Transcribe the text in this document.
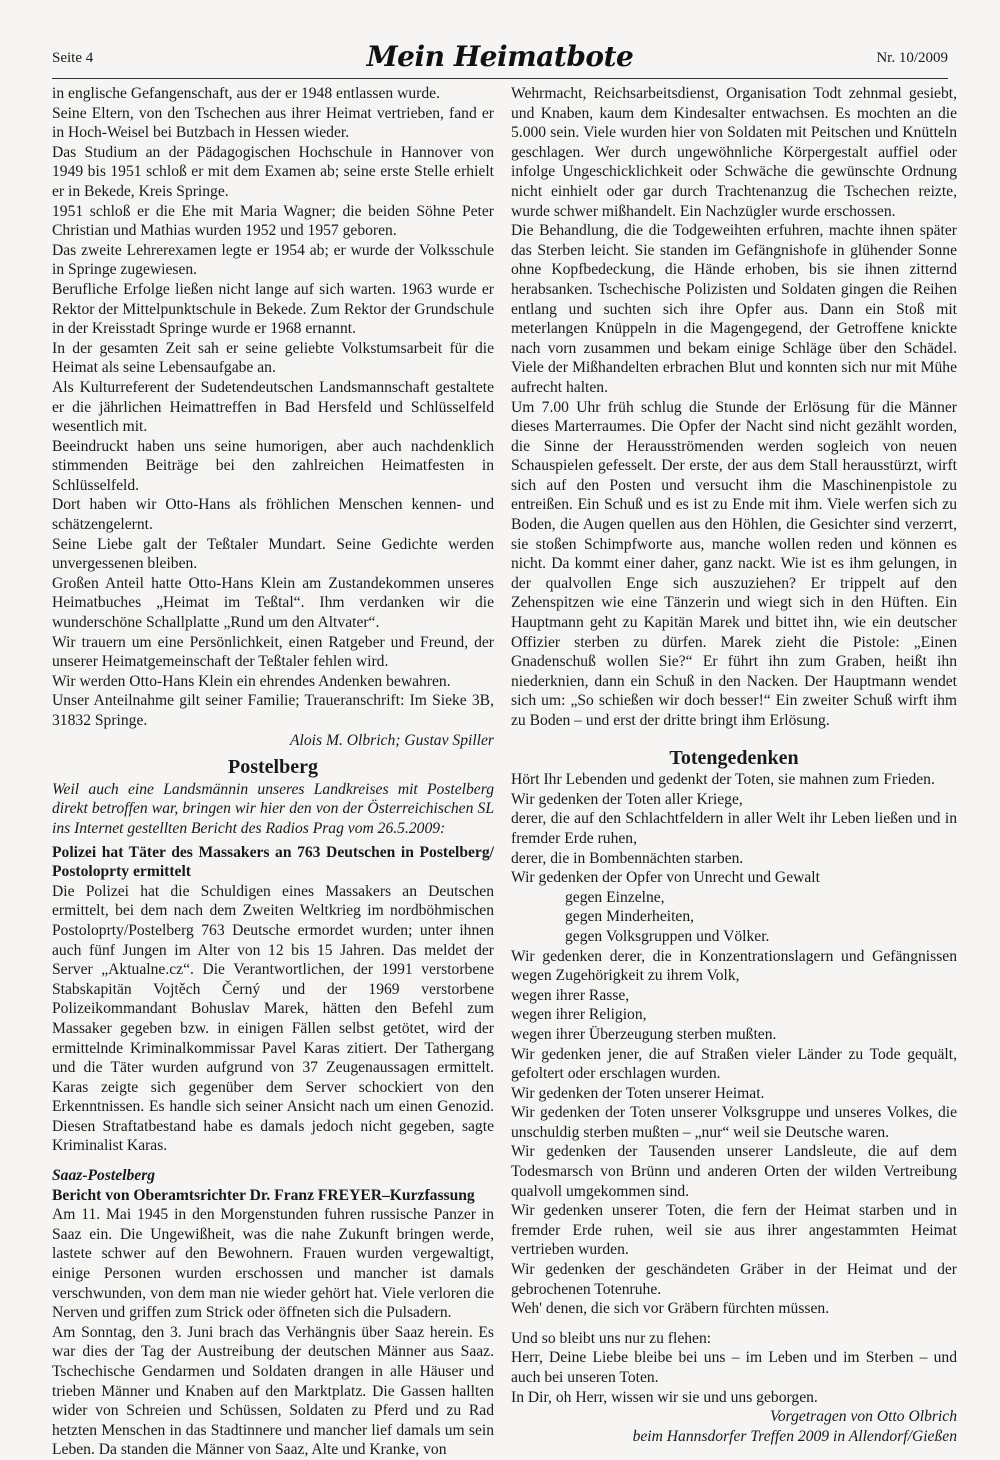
Seite 4	Mein Heimatbote	Nr. 10/2009

in englische Gefangenschaft, aus der er 1948 entlassen wurde.

Seine Eltern, von den Tschechen aus ihrer Heimat vertrieben, fand er in Hoch-Weisel bei Butzbach in Hessen wieder.

Das Studium an der Pädagogischen Hochschule in Hannover von 1949 bis 1951 schloß er mit dem Examen ab; seine erste Stelle erhielt er in Bekede, Kreis Springe.

1951 schloß er die Ehe mit Maria Wagner; die beiden Söhne Peter Christian und Mathias wurden 1952 und 1957 geboren.

Das zweite Lehrerexamen legte er 1954 ab; er wurde der Volksschule in Springe zugewiesen.

Berufliche Erfolge ließen nicht lange auf sich warten. 1963 wurde er Rektor der Mittelpunktschule in Bekede. Zum Rektor der Grundschule in der Kreisstadt Springe wurde er 1968 ernannt.

In der gesamten Zeit sah er seine geliebte Volkstumsarbeit für die Heimat als seine Lebensaufgabe an.

Als Kulturreferent der Sudetendeutschen Landsmannschaft gestaltete er die jährlichen Heimattreffen in Bad Hersfeld und Schlüsselfeld wesentlich mit.

Beeindruckt haben uns seine humorigen, aber auch nachdenklich stimmenden Beiträge bei den zahlreichen Heimatfesten in Schlüsselfeld.

Dort haben wir Otto-Hans als fröhlichen Menschen kennen- und schätzengelernt.

Seine Liebe galt der Teßtaler Mundart. Seine Gedichte werden unvergessenen bleiben.

Großen Anteil hatte Otto-Hans Klein am Zustandekommen unseres Heimatbuches „Heimat im Teßtal“. Ihm verdanken wir die wunderschöne Schallplatte „Rund um den Altvater“.

Wir trauern um eine Persönlichkeit, einen Ratgeber und Freund, der unserer Heimatgemeinschaft der Teßtaler fehlen wird.

Wir werden Otto-Hans Klein ein ehrendes Andenken bewahren.

Unser Anteilnahme gilt seiner Familie; Traueranschrift: Im Sieke 3B, 31832 Springe.

Alois M. Olbrich; Gustav Spiller

Postelberg

Weil auch eine Landsmännin unseres Landkreises mit Postelberg direkt betroffen war, bringen wir hier den von der Österreichischen SL ins Internet gestellten Bericht des Radios Prag vom 26.5.2009:

Polizei hat Täter des Massakers an 763 Deutschen in Postelberg/ Postoloprty ermittelt

Die Polizei hat die Schuldigen eines Massakers an Deutschen ermittelt, bei dem nach dem Zweiten Weltkrieg im nordböhmischen Postoloprty/Postelberg 763 Deutsche ermordet wurden; unter ihnen auch fünf Jungen im Alter von 12 bis 15 Jahren. Das meldet der Server „Aktualne.cz“. Die Verantwortlichen, der 1991 verstorbene Stabskapitän Vojtěch Černý und der 1969 verstorbene Polizeikommandant Bohuslav Marek, hätten den Befehl zum Massaker gegeben bzw. in einigen Fällen selbst getötet, wird der ermittelnde Kriminalkommissar Pavel Karas zitiert. Der Tathergang und die Täter wurden aufgrund von 37 Zeugenaussagen ermittelt. Karas zeigte sich gegenüber dem Server schockiert von den Erkenntnissen. Es handle sich seiner Ansicht nach um einen Genozid. Diesen Straftatbestand habe es damals jedoch nicht gegeben, sagte Kriminalist Karas.

Saaz-Postelberg

Bericht von Oberamtsrichter Dr. Franz FREYER–Kurzfassung

Am 11. Mai 1945 in den Morgenstunden fuhren russische Panzer in Saaz ein. Die Ungewißheit, was die nahe Zukunft bringen werde, lastete schwer auf den Bewohnern. Frauen wurden vergewaltigt, einige Personen wurden erschossen und mancher ist damals verschwunden, von dem man nie wieder gehört hat. Viele verloren die Nerven und griffen zum Strick oder öffneten sich die Pulsadern.

Am Sonntag, den 3. Juni brach das Verhängnis über Saaz herein. Es war dies der Tag der Austreibung der deutschen Männer aus Saaz. Tschechische Gendarmen und Soldaten drangen in alle Häuser und trieben Männer und Knaben auf den Marktplatz. Die Gassen hallten wider von Schreien und Schüssen, Soldaten zu Pferd und zu Rad hetzten Menschen in das Stadtinnere und mancher lief damals um sein Leben. Da standen die Männer von Saaz, Alte und Kranke, von

Wehrmacht, Reichsarbeitsdienst, Organisation Todt zehnmal gesiebt, und Knaben, kaum dem Kindesalter entwachsen. Es mochten an die 5.000 sein. Viele wurden hier von Soldaten mit Peitschen und Knütteln geschlagen. Wer durch ungewöhnliche Körpergestalt auffiel oder infolge Ungeschicklichkeit oder Schwäche die gewünschte Ordnung nicht einhielt oder gar durch Trachtenanzug die Tschechen reizte, wurde schwer mißhandelt. Ein Nachzügler wurde erschossen.

Die Behandlung, die die Todgeweihten erfuhren, machte ihnen später das Sterben leicht. Sie standen im Gefängnishofe in glühender Sonne ohne Kopfbedeckung, die Hände erhoben, bis sie ihnen zitternd herabsanken. Tschechische Polizisten und Soldaten gingen die Reihen entlang und suchten sich ihre Opfer aus. Dann ein Stoß mit meterlangen Knüppeln in die Magengegend, der Getroffene knickte nach vorn zusammen und bekam einige Schläge über den Schädel. Viele der Mißhandelten erbrachen Blut und konnten sich nur mit Mühe aufrecht halten.

Um 7.00 Uhr früh schlug die Stunde der Erlösung für die Männer dieses Marterraumes. Die Opfer der Nacht sind nicht gezählt worden, die Sinne der Herausströmenden werden sogleich von neuen Schauspielen gefesselt. Der erste, der aus dem Stall herausstürzt, wirft sich auf den Posten und versucht ihm die Maschinenpistole zu entreißen. Ein Schuß und es ist zu Ende mit ihm. Viele werfen sich zu Boden, die Augen quellen aus den Höhlen, die Gesichter sind verzerrt, sie stoßen Schimpfworte aus, manche wollen reden und können es nicht. Da kommt einer daher, ganz nackt. Wie ist es ihm gelungen, in der qualvollen Enge sich auszuziehen? Er trippelt auf den Zehenspitzen wie eine Tänzerin und wiegt sich in den Hüften. Ein Hauptmann geht zu Kapitän Marek und bittet ihn, wie ein deutscher Offizier sterben zu dürfen. Marek zieht die Pistole: „Einen Gnadenschuß wollen Sie?“ Er führt ihn zum Graben, heißt ihn niederknien, dann ein Schuß in den Nacken. Der Hauptmann wendet sich um: „So schießen wir doch besser!“ Ein zweiter Schuß wirft ihm zu Boden – und erst der dritte bringt ihm Erlösung.

Totengedenken

Hört Ihr Lebenden und gedenkt der Toten, sie mahnen zum Frieden.

Wir gedenken der Toten aller Kriege,

derer, die auf den Schlachtfeldern in aller Welt ihr Leben ließen und in fremder Erde ruhen,

derer, die in Bombennächten starben.

Wir gedenken der Opfer von Unrecht und Gewalt

gegen Einzelne,

gegen Minderheiten,

gegen Volksgruppen und Völker.

Wir gedenken derer, die in Konzentrationslagern und Gefängnissen wegen Zugehörigkeit zu ihrem Volk,

wegen ihrer Rasse,

wegen ihrer Religion,

wegen ihrer Überzeugung sterben mußten.

Wir gedenken jener, die auf Straßen vieler Länder zu Tode gequält, gefoltert oder erschlagen wurden.

Wir gedenken der Toten unserer Heimat.

Wir gedenken der Toten unserer Volksgruppe und unseres Volkes, die unschuldig sterben mußten – „nur“ weil sie Deutsche waren.

Wir gedenken der Tausenden unserer Landsleute, die auf dem Todesmarsch von Brünn und anderen Orten der wilden Vertreibung qualvoll umgekommen sind.

Wir gedenken unserer Toten, die fern der Heimat starben und in fremder Erde ruhen, weil sie aus ihrer angestammten Heimat vertrieben wurden.

Wir gedenken der geschändeten Gräber in der Heimat und der gebrochenen Totenruhe.

Weh' denen, die sich vor Gräbern fürchten müssen.

Und so bleibt uns nur zu flehen:

Herr, Deine Liebe bleibe bei uns – im Leben und im Sterben – und auch bei unseren Toten.

In Dir, oh Herr, wissen wir sie und uns geborgen.

Vorgetragen von Otto Olbrich

beim Hannsdorfer Treffen 2009 in Allendorf/Gießen
